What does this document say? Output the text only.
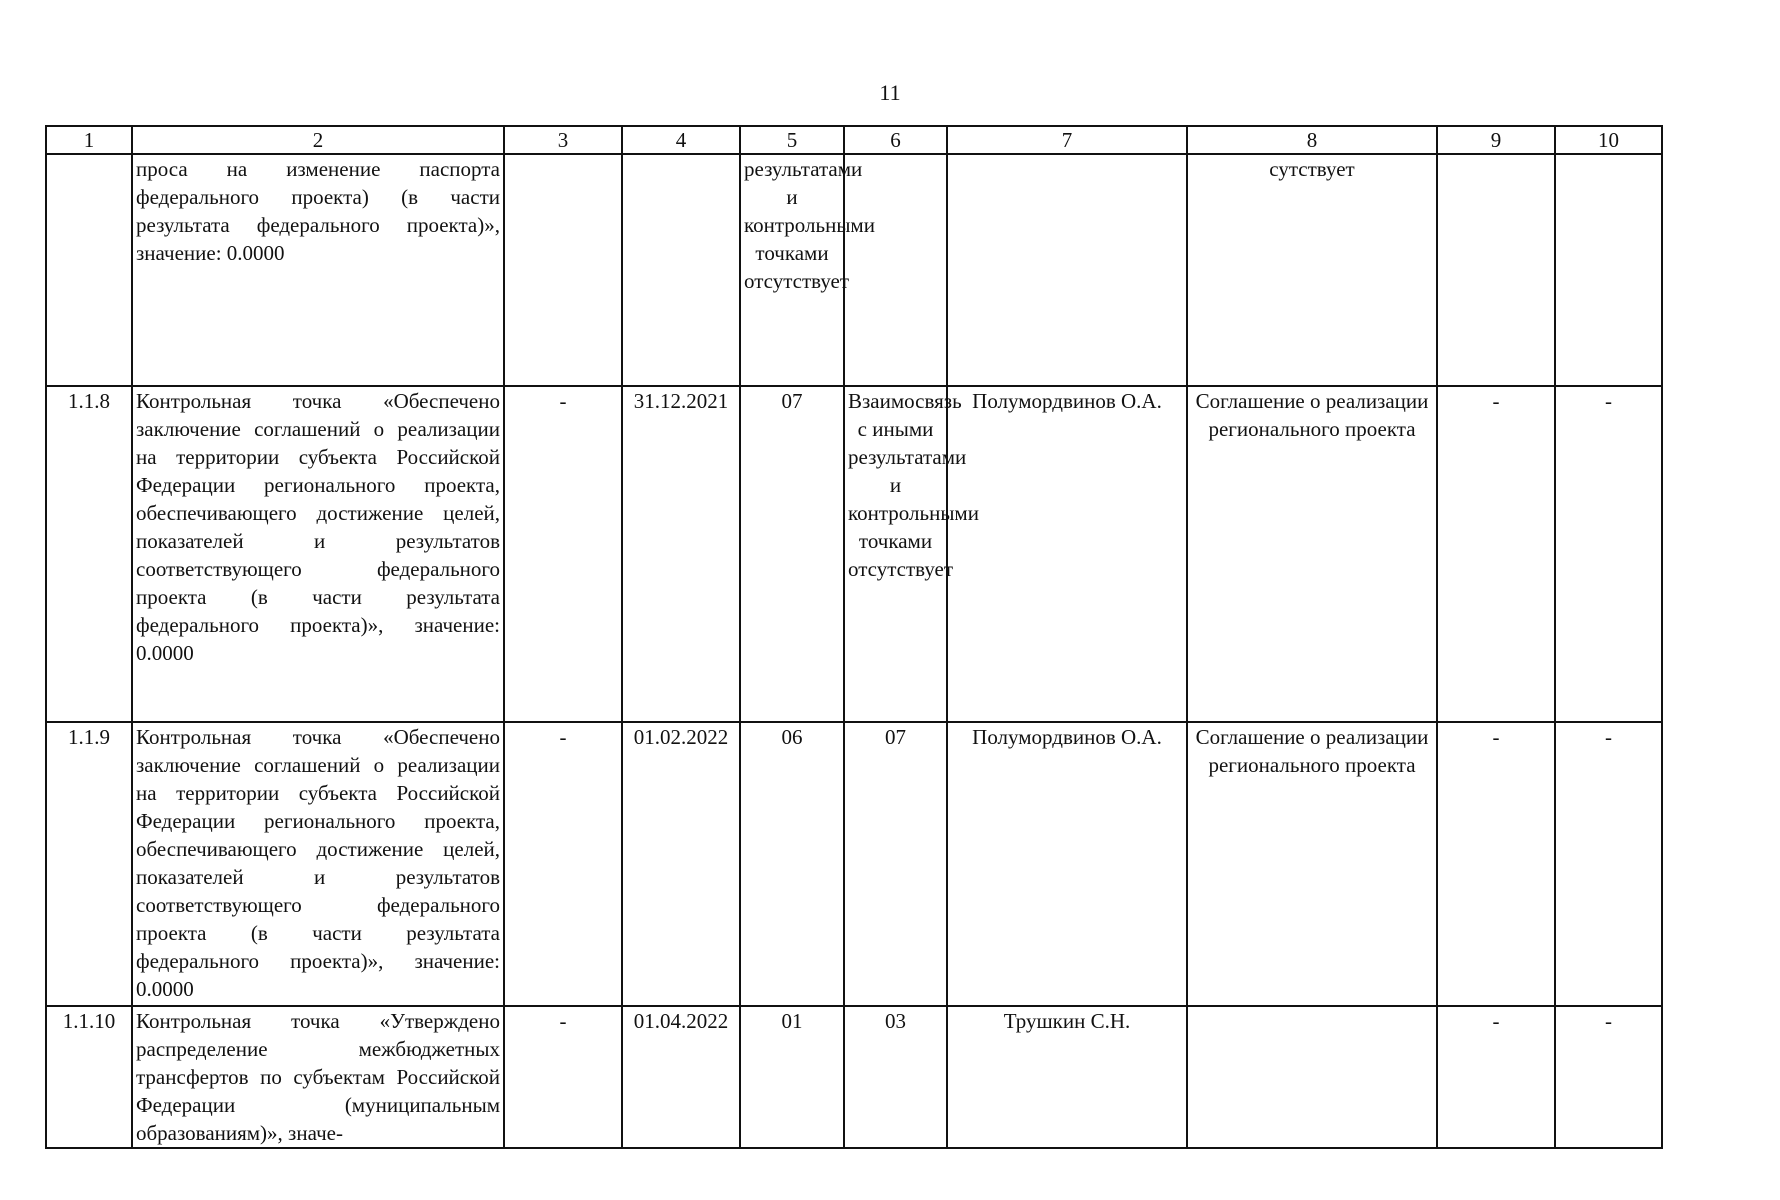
11
1	2	3	4	5	6	7	8	9	10
	проса на изменение паспорта федерального проекта) (в части результата федерального проекта)», значение: 0.0000			результатами и контрольными точками отсутствует			сутствует		
1.1.8	Контрольная точка «Обеспечено заключение соглашений о реализации на территории субъекта Российской Федерации регионального проекта, обеспечивающего достижение целей, показателей и результатов соответствующего федерального проекта (в части результата федерального проекта)», значение: 0.0000	-	31.12.2021	07	Взаимосвязь с иными результатами и контрольными точками отсутствует	Полумордвинов О.А.	Соглашение о реализации регионального проекта	-	-
1.1.9	Контрольная точка «Обеспечено заключение соглашений о реализации на территории субъекта Российской Федерации регионального проекта, обеспечивающего достижение целей, показателей и результатов соответствующего федерального проекта (в части результата федерального проекта)», значение: 0.0000	-	01.02.2022	06	07	Полумордвинов О.А.	Соглашение о реализации регионального проекта	-	-
1.1.10	Контрольная точка «Утверждено распределение межбюджетных трансфертов по субъектам Российской Федерации (муниципальным образованиям)», значе-	-	01.04.2022	01	03	Трушкин С.Н.		-	-
